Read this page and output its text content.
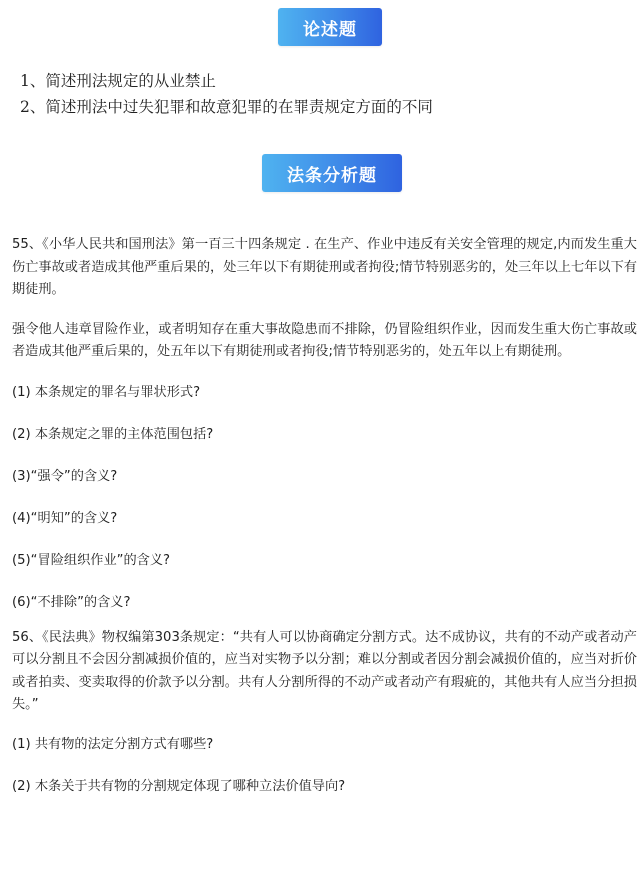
论述题
1、简述刑法规定的从业禁止
2、简述刑法中过失犯罪和故意犯罪的在罪责规定方面的不同
法条分析题

55、《小华人民共和国刑法》第一百三十四条规定 . 在生产、作业中违反有关安全管理的规定,内而发生重大伤亡事故或者造成其他严重后果的，处三年以下有期徒刑或者拘役;情节特别恶劣的，处三年以上七年以下有期徒刑。

强令他人违章冒险作业，或者明知存在重大事故隐患而不排除，仍冒险组织作业，因而发生重大伤亡事故或者造成其他严重后果的，处五年以下有期徒刑或者拘役;情节特别恶劣的，处五年以上有期徒刑。

(1) 本条规定的罪名与罪状形式?

(2) 本条规定之罪的主体范围包括?

(3)“强令”的含义?

(4)“明知”的含义?

(5)“冒险组织作业”的含义?

(6)“不排除”的含义?

56、《民法典》物权编第303条规定：“共有人可以协商确定分割方式。达不成协议，共有的不动产或者动产可以分割且不会因分割减损价值的，应当对实物予以分割；难以分割或者因分割会减损价值的，应当对折价或者拍卖、变卖取得的价款予以分割。共有人分割所得的不动产或者动产有瑕疵的，其他共有人应当分担损失。”

(1) 共有物的法定分割方式有哪些?

(2) 木条关于共有物的分割规定体现了哪种立法价值导向?
